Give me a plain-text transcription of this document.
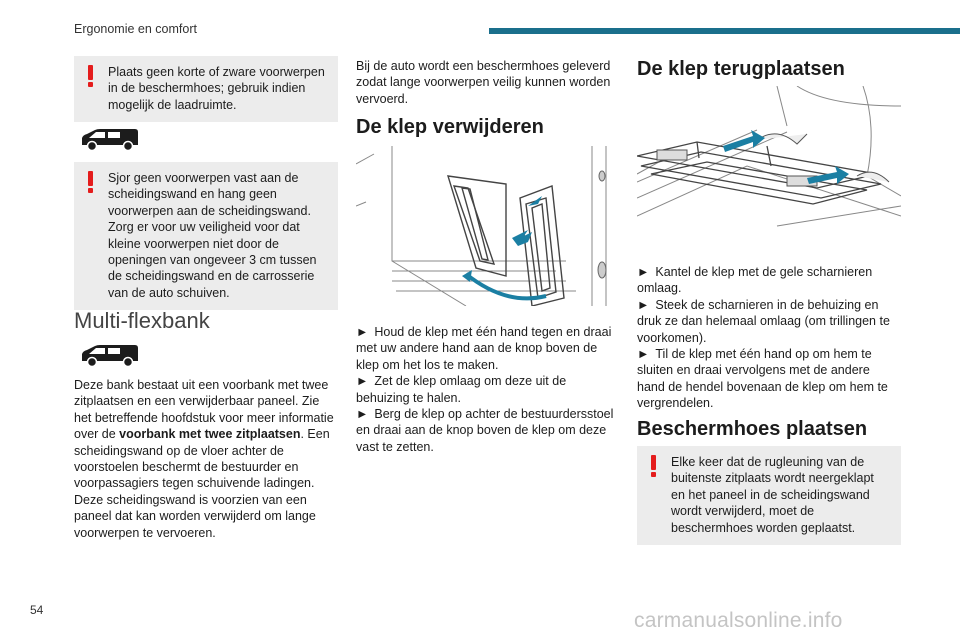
Ergonomie en comfort

Plaats geen korte of zware voorwerpen in de beschermhoes; gebruik indien mogelijk de laadruimte.

Sjor geen voorwerpen vast aan de scheidingswand en hang geen voorwerpen aan de scheidingswand. Zorg er voor uw veiligheid voor dat kleine voorwerpen niet door de openingen van ongeveer 3 cm tussen de scheidingswand en de carrosserie van de auto schuiven.

Multi-flexbank

Deze bank bestaat uit een voorbank met twee zitplaatsen en een verwijderbaar paneel. Zie het betreffende hoofdstuk voor meer informatie over de voorbank met twee zitplaatsen. Een scheidingswand op de vloer achter de voorstoelen beschermt de bestuurder en voorpassagiers tegen schuivende ladingen. Deze scheidingswand is voorzien van een paneel dat kan worden verwijderd om lange voorwerpen te vervoeren.

Bij de auto wordt een beschermhoes geleverd zodat lange voorwerpen veilig kunnen worden vervoerd.

De klep verwijderen

► Houd de klep met één hand tegen en draai met uw andere hand aan de knop boven de klep om het los te maken.

► Zet de klep omlaag om deze uit de behuizing te halen.

► Berg de klep op achter de bestuurdersstoel en draai aan de knop boven de klep om deze vast te zetten.

De klep terugplaatsen

► Kantel de klep met de gele scharnieren omlaag.

► Steek de scharnieren in de behuizing en druk ze dan helemaal omlaag (om trillingen te voorkomen).

► Til de klep met één hand op om hem te sluiten en draai vervolgens met de andere hand de hendel bovenaan de klep om hem te vergrendelen.

Beschermhoes plaatsen

Elke keer dat de rugleuning van de buitenste zitplaats wordt neergeklapt en het paneel in de scheidingswand wordt verwijderd, moet de beschermhoes worden geplaatst.

54	carmanualsonline.info
